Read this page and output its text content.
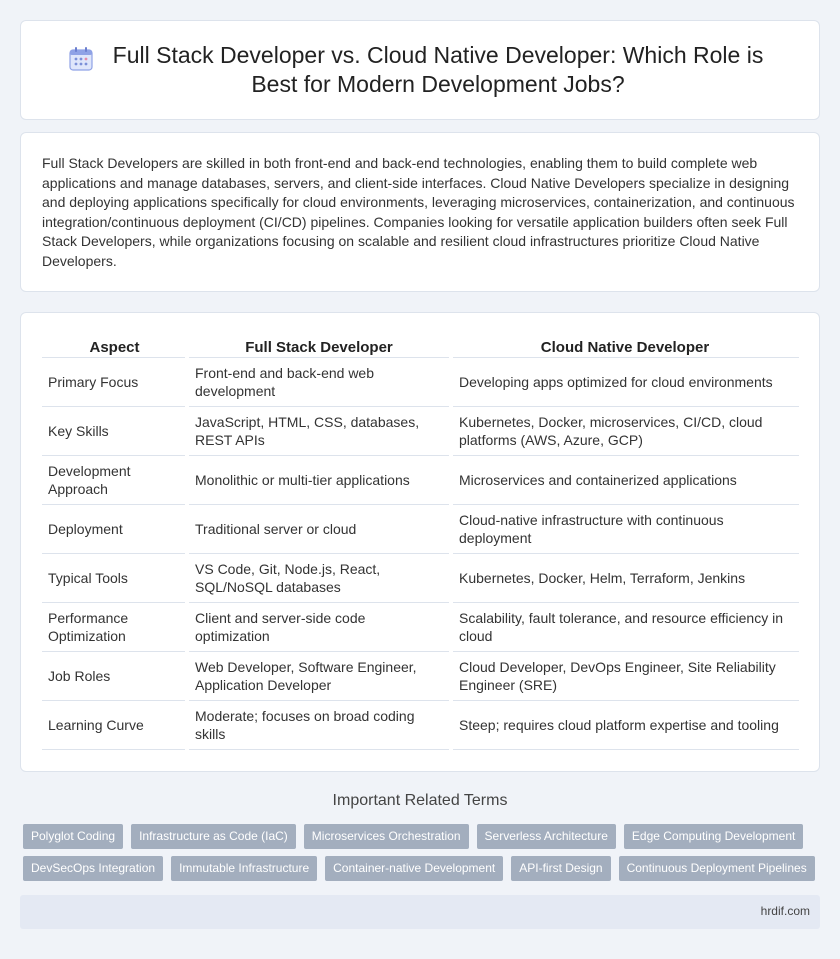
Full Stack Developer vs. Cloud Native Developer: Which Role is Best for Modern Development Jobs?

Full Stack Developers are skilled in both front-end and back-end technologies, enabling them to build complete web applications and manage databases, servers, and client-side interfaces. Cloud Native Developers specialize in designing and deploying applications specifically for cloud environments, leveraging microservices, containerization, and continuous integration/continuous deployment (CI/CD) pipelines. Companies looking for versatile application builders often seek Full Stack Developers, while organizations focusing on scalable and resilient cloud infrastructures prioritize Cloud Native Developers.

Aspect	Full Stack Developer	Cloud Native Developer
Primary Focus	Front-end and back-end web development	Developing apps optimized for cloud environments
Key Skills	JavaScript, HTML, CSS, databases, REST APIs	Kubernetes, Docker, microservices, CI/CD, cloud platforms (AWS, Azure, GCP)
Development Approach	Monolithic or multi-tier applications	Microservices and containerized applications
Deployment	Traditional server or cloud	Cloud-native infrastructure with continuous deployment
Typical Tools	VS Code, Git, Node.js, React, SQL/NoSQL databases	Kubernetes, Docker, Helm, Terraform, Jenkins
Performance Optimization	Client and server-side code optimization	Scalability, fault tolerance, and resource efficiency in cloud
Job Roles	Web Developer, Software Engineer, Application Developer	Cloud Developer, DevOps Engineer, Site Reliability Engineer (SRE)
Learning Curve	Moderate; focuses on broad coding skills	Steep; requires cloud platform expertise and tooling
Important Related Terms
Polyglot Coding	Infrastructure as Code (IaC)	Microservices Orchestration	Serverless Architecture	Edge Computing Development
DevSecOps Integration	Immutable Infrastructure	Container-native Development	API-first Design	Continuous Deployment Pipelines
hrdif.com
